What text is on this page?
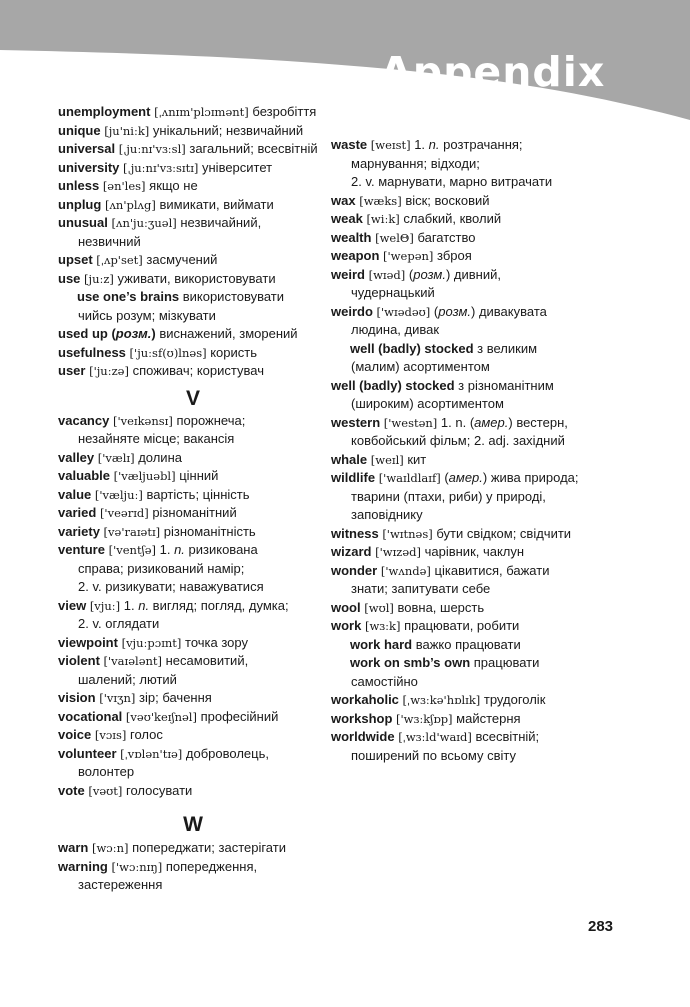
Appendix
unemployment [ˌʌnɪm'plɔɪmənt] безробіття
unique [ju'niːk] унікальний; незвичайний
universal [ˌjuːnɪ'vɜːsl] загальний; всесвітній
university [ˌjuːnɪ'vɜːsɪtɪ] університет
unless [ən'les] якщо не
unplug [ʌn'plʌg] вимикати, виймати
unusual [ʌn'juːʒuəl] незвичайний,
незвичний
upset [ˌʌp'set] засмучений
use [juːz] уживати, використовувати
use one’s brains використовувати
чийсь розум; мізкувати
used up (розм.) виснажений, зморений
usefulness ['juːsf(ʊ)lnəs] користь
user ['juːzə] споживач; користувач
V
vacancy ['veɪkənsɪ] порожнеча;
незайняте місце; вакансія
valley ['vælɪ] долина
valuable ['væljuəbl] цінний
value ['væljuː] вартість; цінність
varied ['veərɪd] різноманітний
variety [və'raɪətɪ] різноманітність
venture ['ventʃə] 1. n. ризикована
справа; ризикований намір;
2. v. ризикувати; наважуватися
view [vjuː] 1. n. вигляд; погляд, думка;
2. v. оглядати
viewpoint [vjuːpɔɪnt] точка зору
violent ['vaɪələnt] несамовитий,
шалений; лютий
vision ['vɪʒn] зір; бачення
vocational [vəʊ'keɪʃnəl] професійний
voice [vɔɪs] голос
volunteer [ˌvɒlən'tɪə] доброволець,
волонтер
vote [vəʊt] голосувати
W
warn [wɔːn] попереджати; застерігати
warning ['wɔːnɪŋ] попередження,
застереження
waste [weɪst] 1. n. розтрачання;
марнування; відходи;
2. v. марнувати, марно витрачати
wax [wæks] віск; восковий
weak [wiːk] слабкий, кволий
wealth [welΘ] багатство
weapon ['wepən] зброя
weird [wɪəd] (розм.) дивний,
чудернацький
weirdo ['wɪədəʊ] (розм.) дивакувата
людина, дивак
well (badly) stocked з великим
(малим) асортиментом
well (badly) stocked з різноманітним
(широким) асортиментом
western ['westən] 1. n. (амер.) вестерн,
ковбойський фільм; 2. adj. західний
whale [weɪl] кит
wildlife ['waɪldlaɪf] (амер.) жива природа;
тварини (птахи, риби) у природі,
заповіднику
witness ['wɪtnəs] бути свідком; свідчити
wizard ['wɪzəd] чарівник, чаклун
wonder ['wʌndə] цікавитися, бажати
знати; запитувати себе
wool [wʊl] вовна, шерсть
work [wɜːk] працювати, робити
work hard важко працювати
work on smb’s own працювати
самостійно
workaholic [ˌwɜːkə'hɒlɪk] трудоголік
workshop ['wɜːkʃɒp] майстерня
worldwide [ˌwɜːld'waɪd] всесвітній;
поширений по всьому світу
283
